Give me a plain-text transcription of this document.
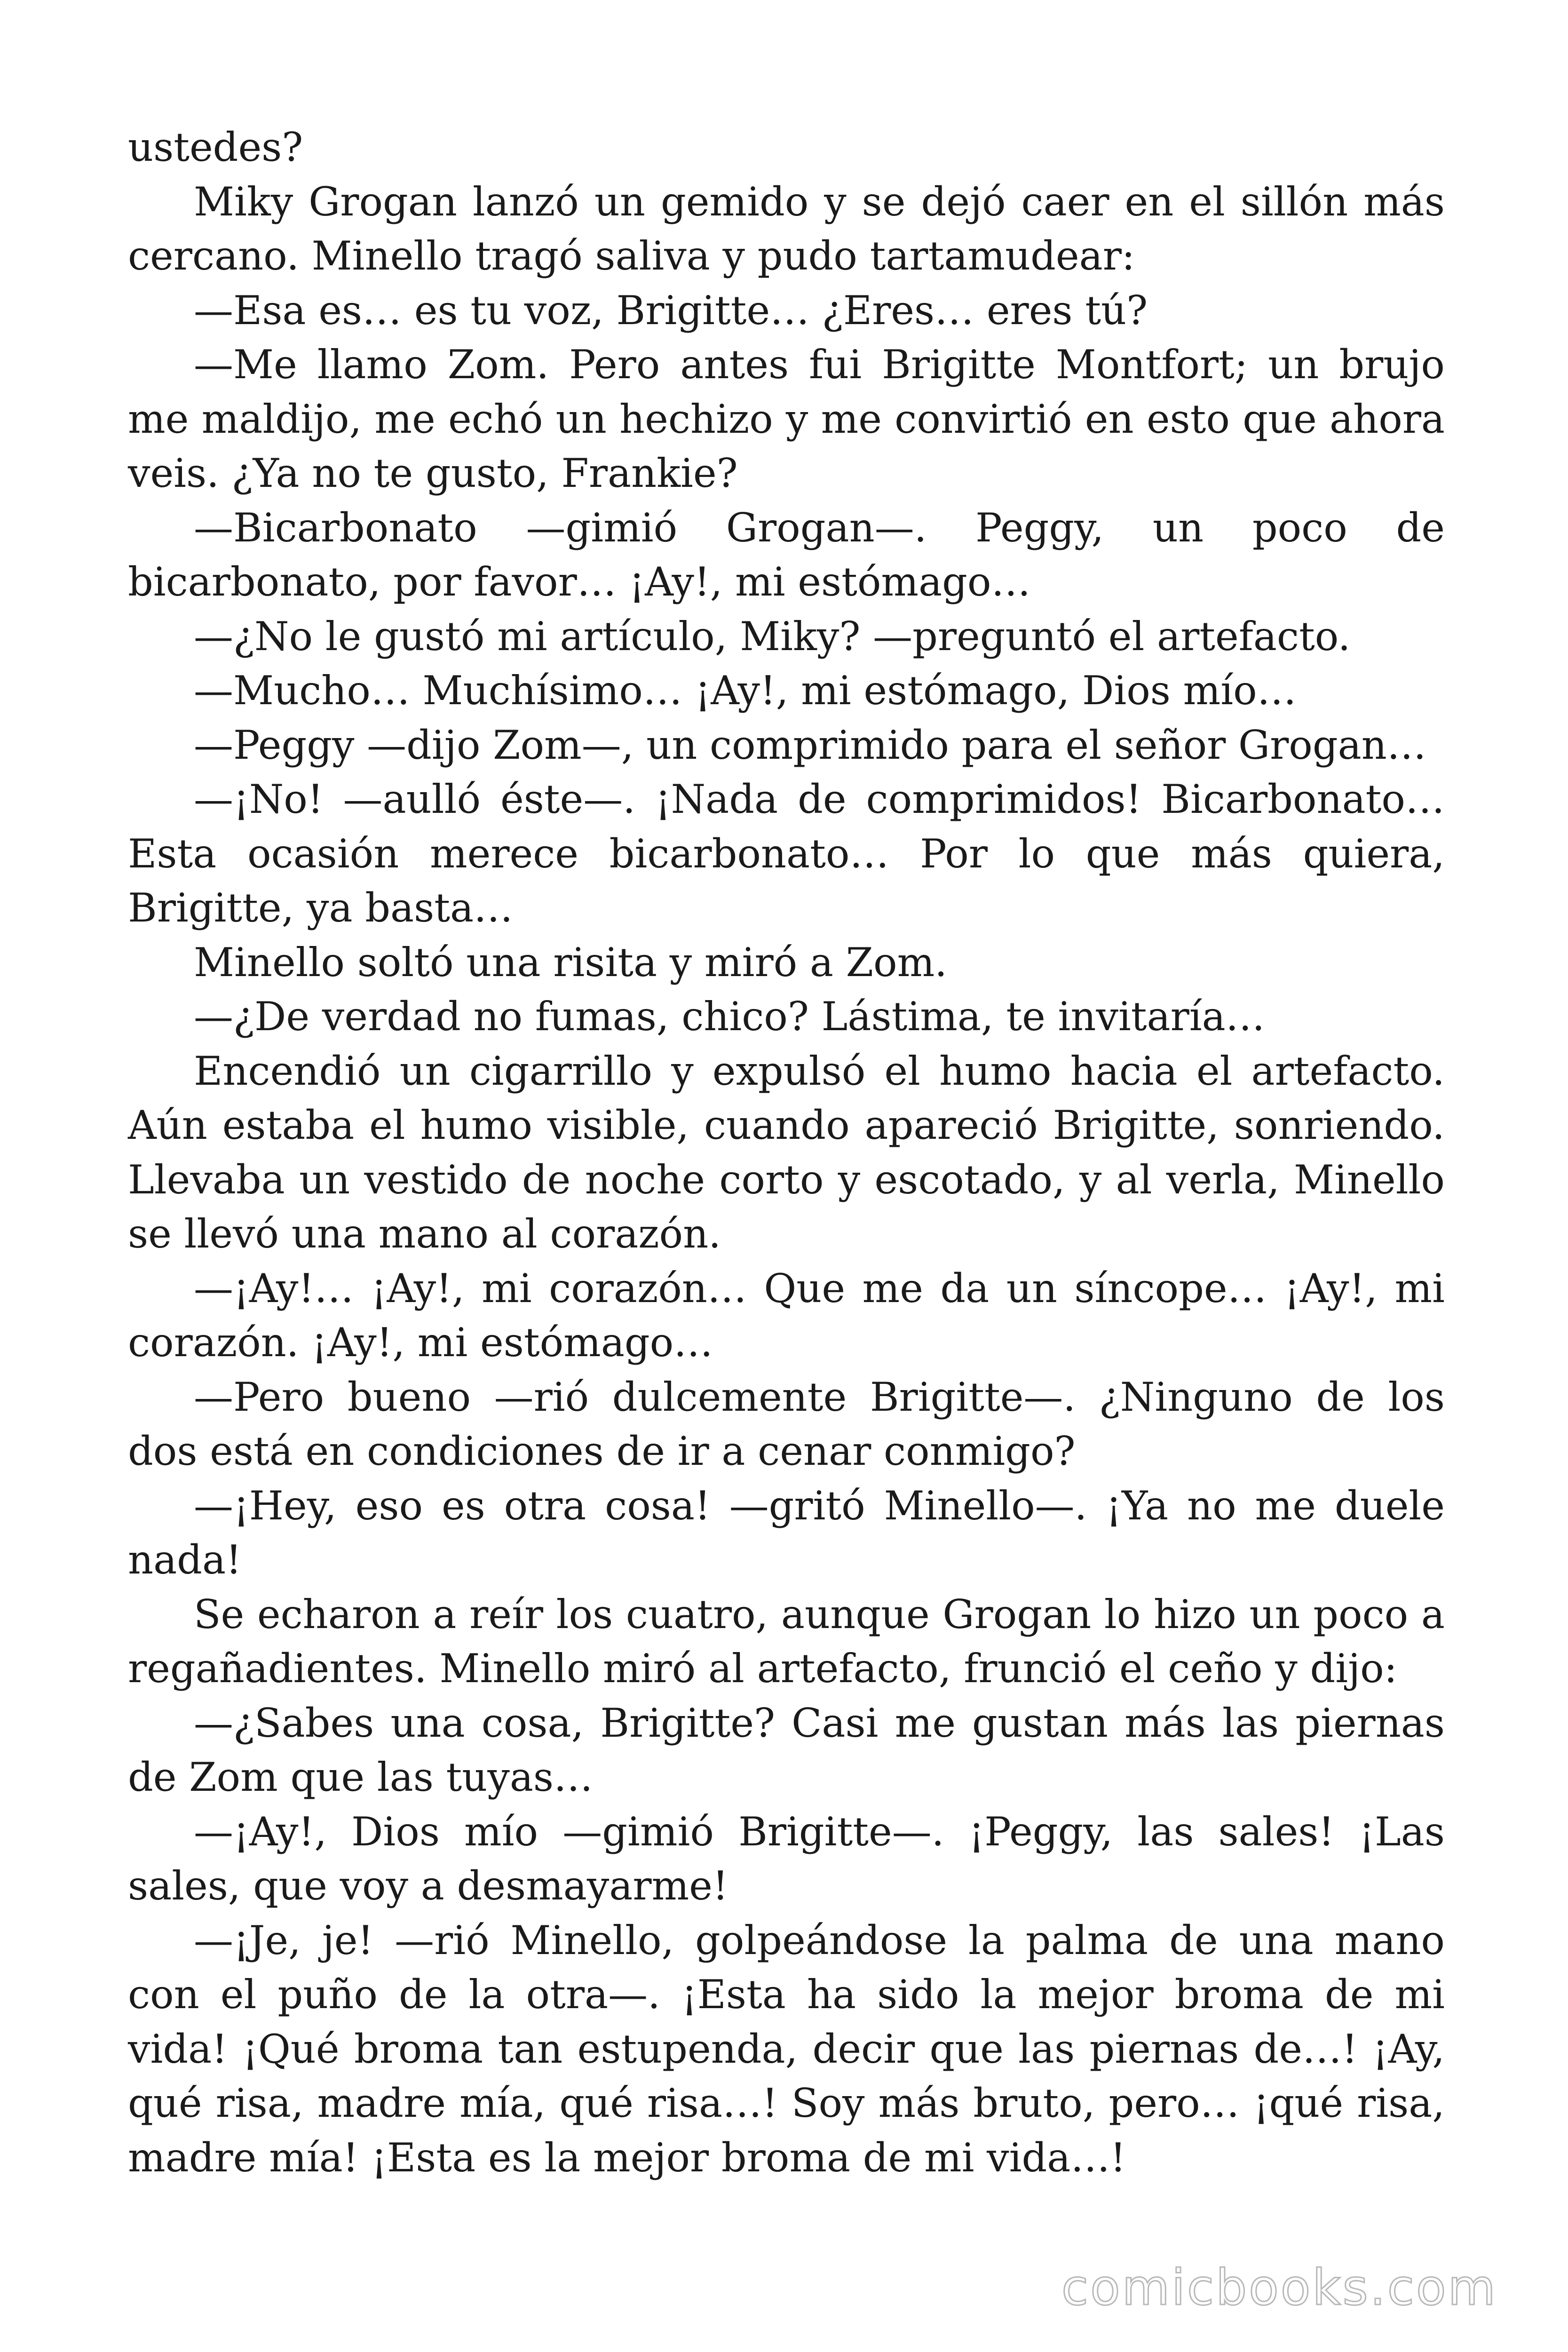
ustedes?

Miky Grogan lanzó un gemido y se dejó caer en el sillón más cercano. Minello tragó saliva y pudo tartamudear:

—Esa es… es tu voz, Brigitte… ¿Eres… eres tú?

—Me llamo Zom. Pero antes fui Brigitte Montfort; un brujo me maldijo, me echó un hechizo y me convirtió en esto que ahora veis. ¿Ya no te gusto, Frankie?

—Bicarbonato —gimió Grogan—. Peggy, un poco de bicarbonato, por favor… ¡Ay!, mi estómago…

—¿No le gustó mi artículo, Miky? —preguntó el artefacto.

—Mucho… Muchísimo… ¡Ay!, mi estómago, Dios mío…

—Peggy —dijo Zom—, un comprimido para el señor Grogan…

—¡No! —aulló éste—. ¡Nada de comprimidos! Bicarbonato… Esta ocasión merece bicarbonato… Por lo que más quiera, Brigitte, ya basta…

Minello soltó una risita y miró a Zom.

—¿De verdad no fumas, chico? Lástima, te invitaría…

Encendió un cigarrillo y expulsó el humo hacia el artefacto. Aún estaba el humo visible, cuando apareció Brigitte, sonriendo. Llevaba un vestido de noche corto y escotado, y al verla, Minello se llevó una mano al corazón.

—¡Ay!… ¡Ay!, mi corazón… Que me da un síncope… ¡Ay!, mi corazón. ¡Ay!, mi estómago…

—Pero bueno —rió dulcemente Brigitte—. ¿Ninguno de los dos está en condiciones de ir a cenar conmigo?

—¡Hey, eso es otra cosa! —gritó Minello—. ¡Ya no me duele nada!

Se echaron a reír los cuatro, aunque Grogan lo hizo un poco a regañadientes. Minello miró al artefacto, frunció el ceño y dijo:

—¿Sabes una cosa, Brigitte? Casi me gustan más las piernas de Zom que las tuyas…

—¡Ay!, Dios mío —gimió Brigitte—. ¡Peggy, las sales! ¡Las sales, que voy a desmayarme!

—¡Je, je! —rió Minello, golpeándose la palma de una mano con el puño de la otra—. ¡Esta ha sido la mejor broma de mi vida! ¡Qué broma tan estupenda, decir que las piernas de…! ¡Ay, qué risa, madre mía, qué risa…! Soy más bruto, pero… ¡qué risa, madre mía! ¡Esta es la mejor broma de mi vida…!

comicbooks.com
